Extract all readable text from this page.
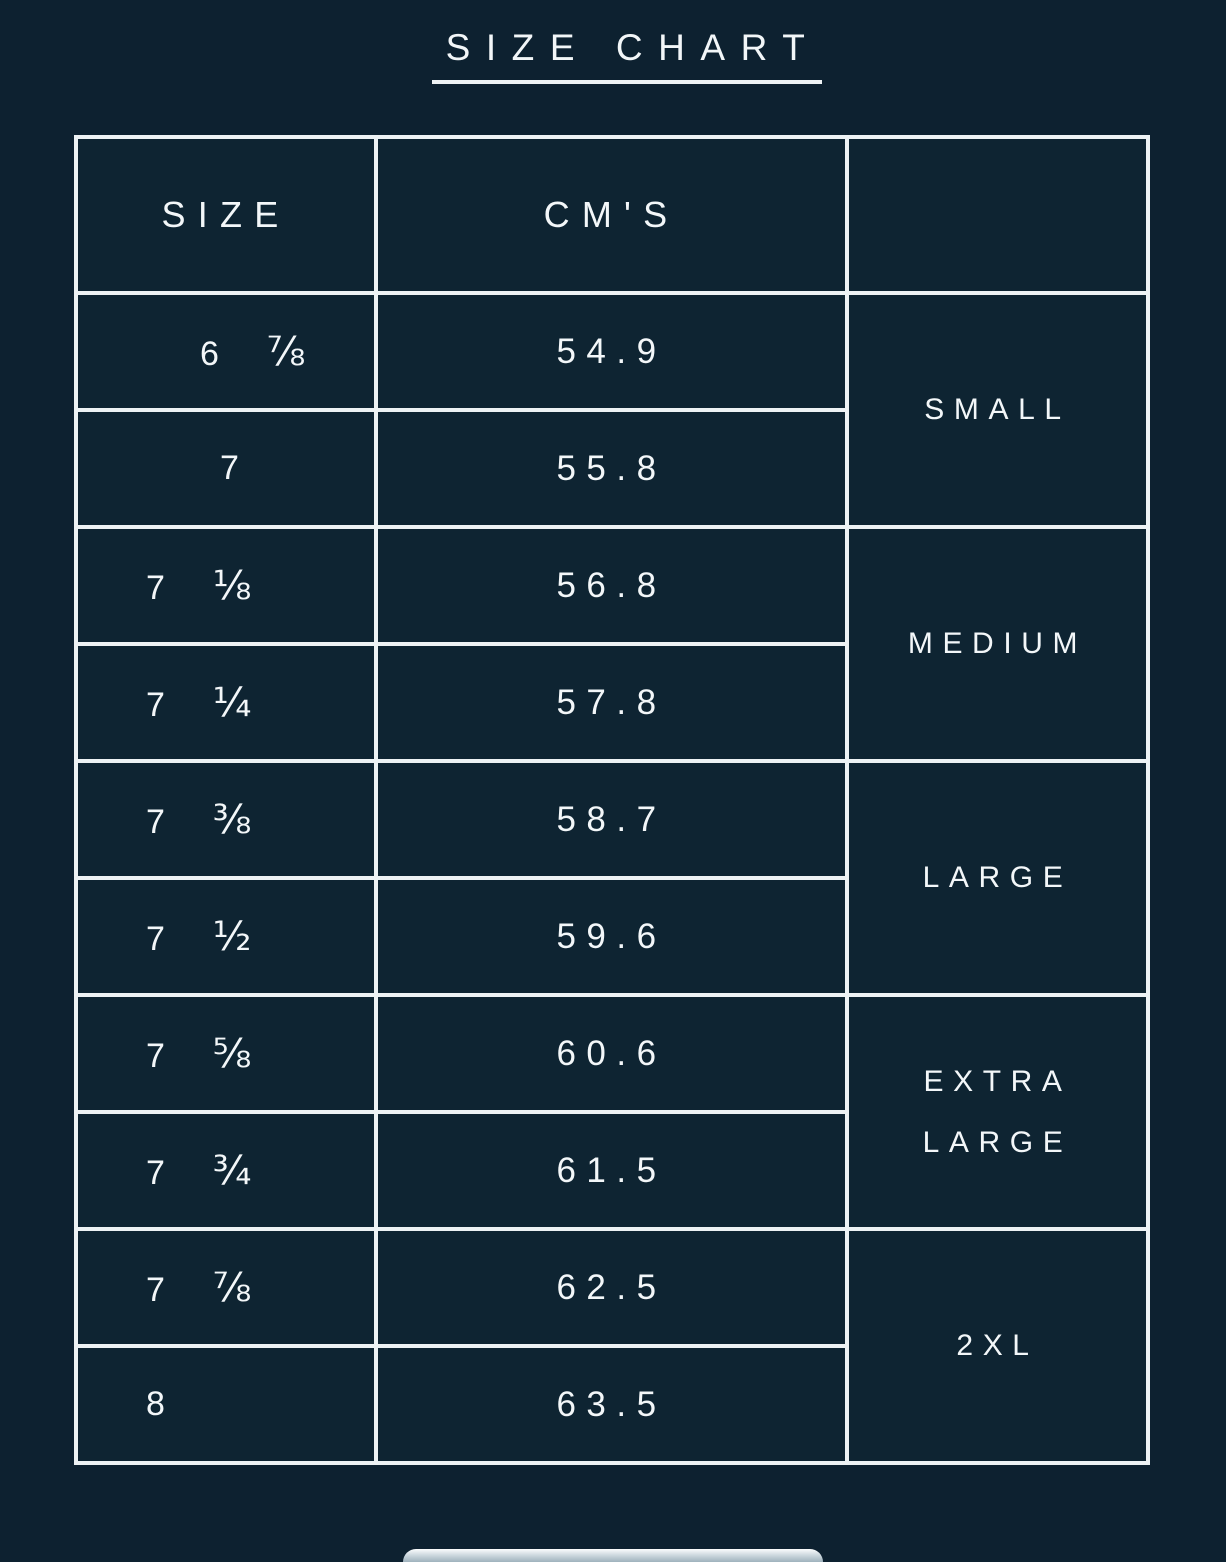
SIZE CHART
SIZE	CM'S	
6 ⅞	54.9	SMALL
7	55.8	
7 ⅛	56.8	MEDIUM
7 ¼	57.8	
7 ⅜	58.7	LARGE
7 ½	59.6	
7 ⅝	60.6	EXTRA LARGE
7 ¾	61.5	
7 ⅞	62.5	2XL
8	63.5	
